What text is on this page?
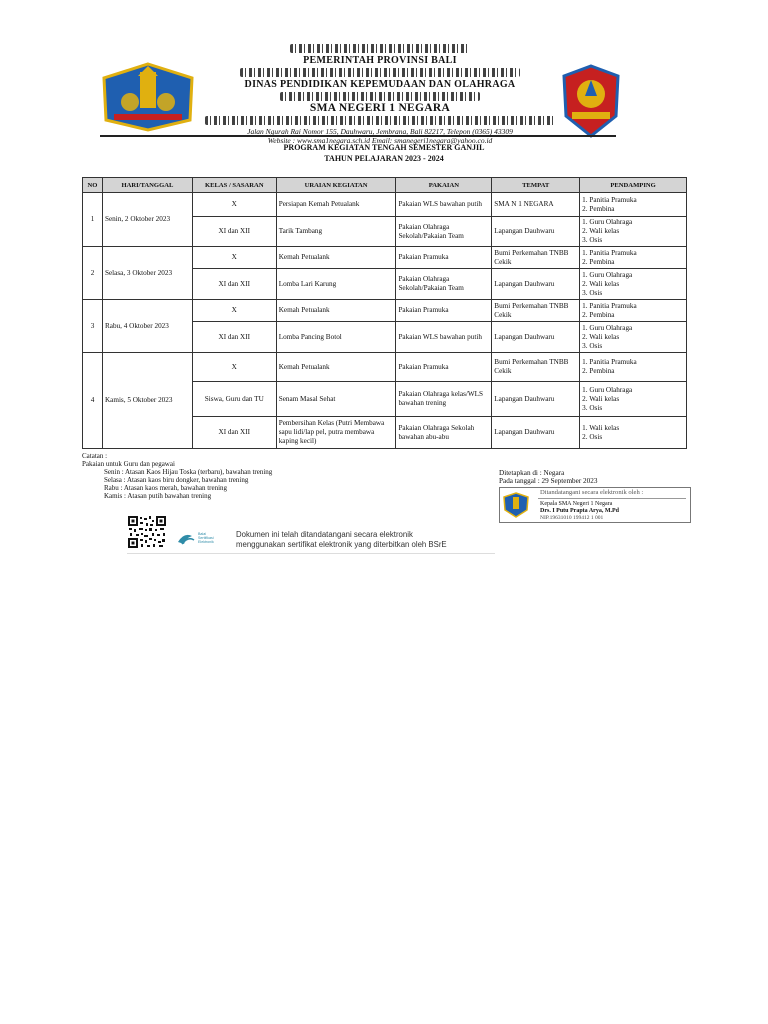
PEMERINTAH PROVINSI BALI
DINAS PENDIDIKAN KEPEMUDAAN DAN OLAHRAGA
SMA NEGERI 1 NEGARA
Jalan Ngurah Rai Nomor 155, Dauhwaru, Jembrana, Bali 82217, Telepon (0365) 43309
Website : www.sma1negara.sch.id Email: smanegeri1negara@yahoo.co.id
PROGRAM KEGIATAN TENGAH SEMESTER GANJIL
TAHUN PELAJARAN 2023 - 2024
NO	HARI/TANGGAL	KELAS / SASARAN	URAIAN KEGIATAN	PAKAIAN	TEMPAT	PENDAMPING
1	Senin, 2 Oktober 2023	X	Persiapan Kemah Petualank	Pakaian WLS bawahan putih	SMA N 1 NEGARA	1. Panitia Pramuka
2. Pembina

		XI dan XII	Tarik Tambang	Pakaian Olahraga Sekolah/Pakaian Team	Lapangan Dauhwaru	1. Guru Olahraga
2. Wali kelas
3. Osis

2	Selasa, 3 Oktober 2023	X	Kemah Petualank	Pakaian Pramuka	Bumi Perkemahan TNBB Cekik	1. Panitia Pramuka
2. Pembina

		XI dan XII	Lomba Lari Karung	Pakaian Olahraga Sekolah/Pakaian Team	Lapangan Dauhwaru	1. Guru Olahraga
2. Wali kelas
3. Osis

3	Rabu, 4 Oktober 2023	X	Kemah Petualank	Pakaian Pramuka	Bumi Perkemahan TNBB Cekik	1. Panitia Pramuka
2. Pembina

		XI dan XII	Lomba Pancing Botol	Pakaian WLS bawahan putih	Lapangan Dauhwaru	1. Guru Olahraga
2. Wali kelas
3. Osis

4	Kamis, 5 Oktober 2023	X	Kemah Petualank	Pakaian Pramuka	Bumi Perkemahan TNBB Cekik	1. Panitia Pramuka
2. Pembina

		Siswa, Guru dan TU	Senam Masal Sehat	Pakaian Olahraga kelas/WLS bawahan trening	Lapangan Dauhwaru	1. Guru Olahraga
2. Wali kelas
3. Osis

		XI dan XII	Pembersihan Kelas (Putri Membawa sapu lidi/lap pel, putra membawa kaping kecil)	Pakaian Olahraga Sekolah bawahan abu-abu	Lapangan Dauhwaru	1. Wali kelas
2. Osis
Catatan :
Pakaian untuk Guru dan pegawai
Senin : Atasan Kaos Hijau Toska (terbaru), bawahan trening
Selasa : Atasan kaos biru dongker, bawahan trening
Rabu : Atasan kaos merah, bawahan trening
Kamis : Atasan putih bawahan trening
Ditetapkan di : Negara
Pada tanggal : 29 September 2023
Ditandatangani secara elektronik oleh :
Kepala SMA Negeri 1 Negara
Drs. I Putu Prapta Arya, M.Pd
NIP.19631010 199412 1 001
Balai Sertifikasi Elektronik
Dokumen ini telah ditandatangani secara elektronik
menggunakan sertifikat elektronik yang diterbitkan oleh BSrE
